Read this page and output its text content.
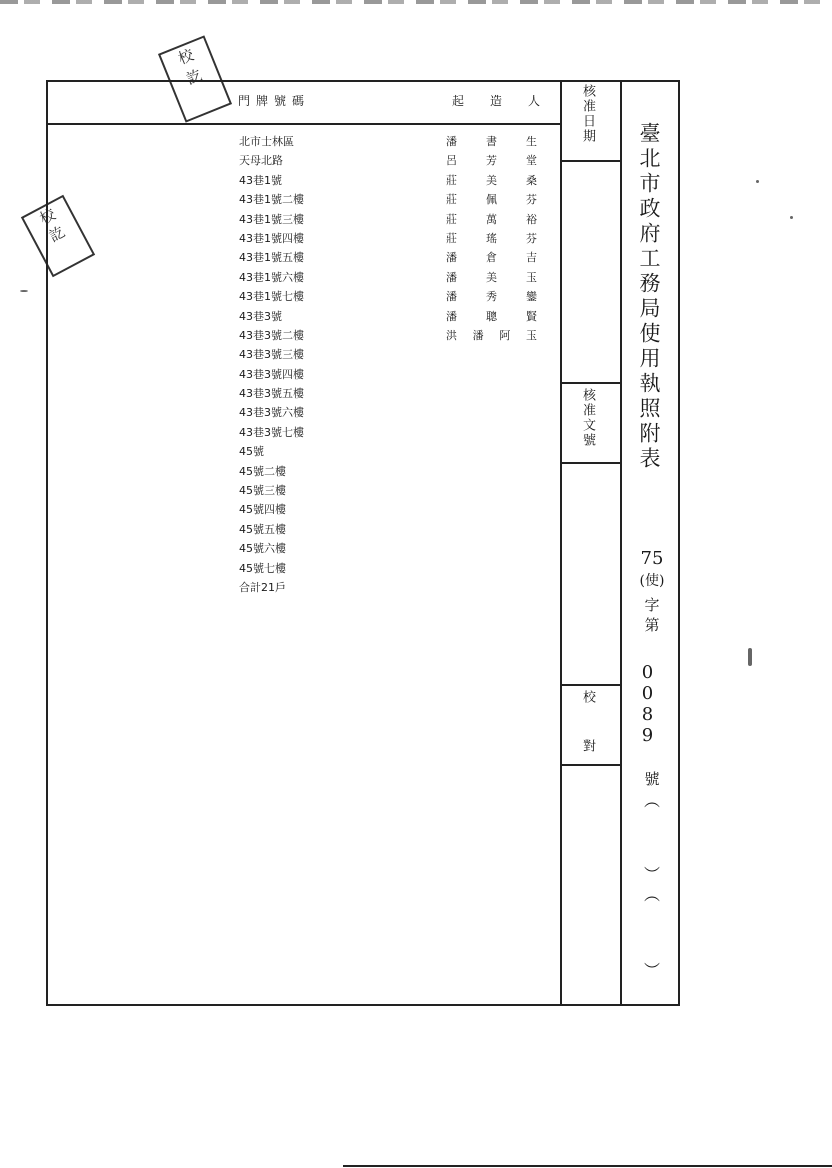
校
訖
校
訖
門牌號碼	起造人
北市士林區
天母北路
43巷1號
43巷1號二樓
43巷1號三樓
43巷1號四樓
43巷1號五樓
43巷1號六樓
43巷1號七樓
43巷3號
43巷3號二樓
43巷3號三樓
43巷3號四樓
43巷3號五樓
43巷3號六樓
43巷3號七樓
45號
45號二樓
45號三樓
45號四樓
45號五樓
45號六樓
45號七樓
合計21戶
潘書生
呂芳堂
莊美桑
莊佩芬
莊萬裕
莊瑤芬
潘倉吉
潘美玉
潘秀鑾
潘聰賢
洪潘阿玉
核准日期
核准文號
校對
臺北市政府工務局使用執照附表
75
(使)
字
第
0089
號
︵
︶
︵
︶
